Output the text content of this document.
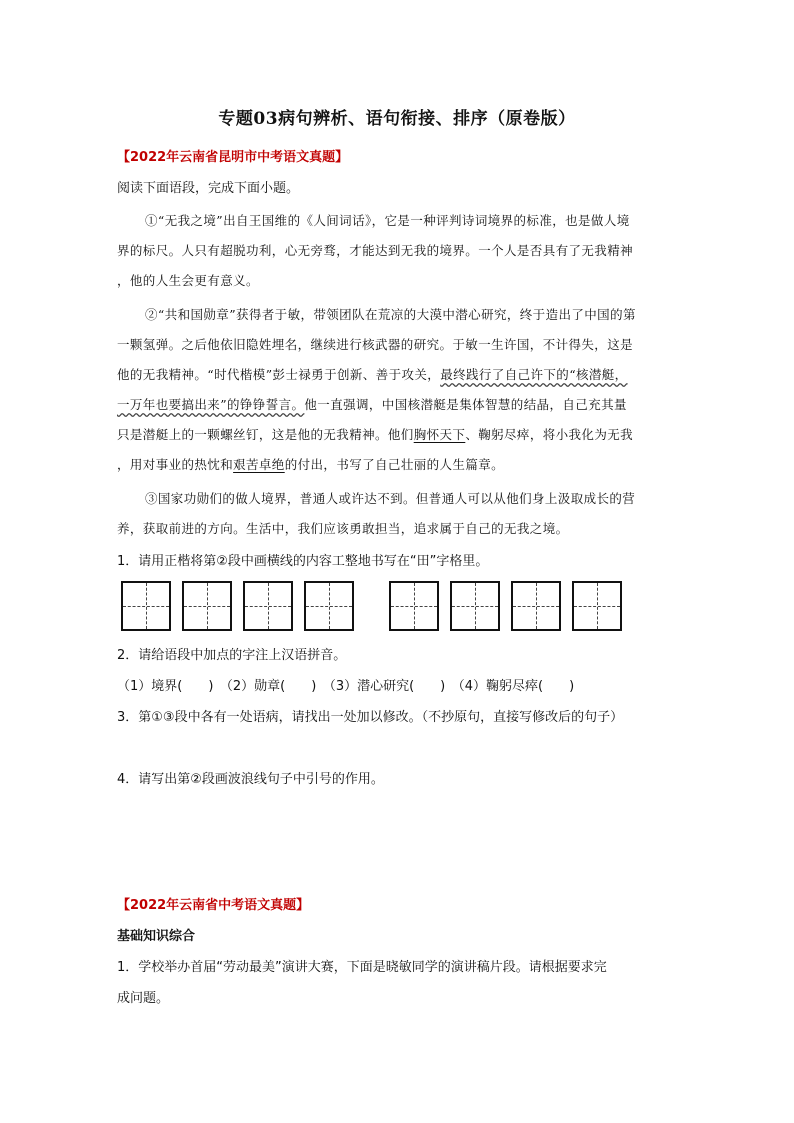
专题03病句辨析、语句衔接、排序（原卷版）
【2022年云南省昆明市中考语文真题】
阅读下面语段，完成下面小题。
①“无我之境”出自王国维的《人间词话》，它是一种评判诗词境界的标准，也是做人境
界的标尺。人只有超脱功利，心无旁骛，才能达到无我的境界。一个人是否具有了无我精神
，他的人生会更有意义。
②“共和国勋章”获得者于敏，带领团队在荒凉的大漠中潜心研究，终于造出了中国的第
一颗氢弹。之后他依旧隐姓埋名，继续进行核武器的研究。于敏一生许国，不计得失，这是
他的无我精神。“时代楷模”彭士禄勇于创新、善于攻关，最终践行了自己许下的“核潜艇，
一万年也要搞出来”的铮铮誓言。他一直强调，中国核潜艇是集体智慧的结晶，自己充其量
只是潜艇上的一颗螺丝钉，这是他的无我精神。他们胸怀天下、鞠躬尽瘁，将小我化为无我
，用对事业的热忱和艰苦卓绝的付出，书写了自己壮丽的人生篇章。
③国家功勋们的做人境界，普通人或许达不到。但普通人可以从他们身上汲取成长的营
养，获取前进的方向。生活中，我们应该勇敢担当，追求属于自己的无我之境。
1．请用正楷将第②段中画横线的内容工整地书写在“田”字格里。
2．请给语段中加点的字注上汉语拼音。
（1）境界(　　)　（2）勋章(　　)　（3）潜心研究(　　)　（4）鞠躬尽瘁(　　)
3．第①③段中各有一处语病，请找出一处加以修改。（不抄原句，直接写修改后的句子）
4．请写出第②段画波浪线句子中引号的作用。
【2022年云南省中考语文真题】
基础知识综合
1．学校举办首届“劳动最美”演讲大赛，下面是晓敏同学的演讲稿片段。请根据要求完
成问题。
